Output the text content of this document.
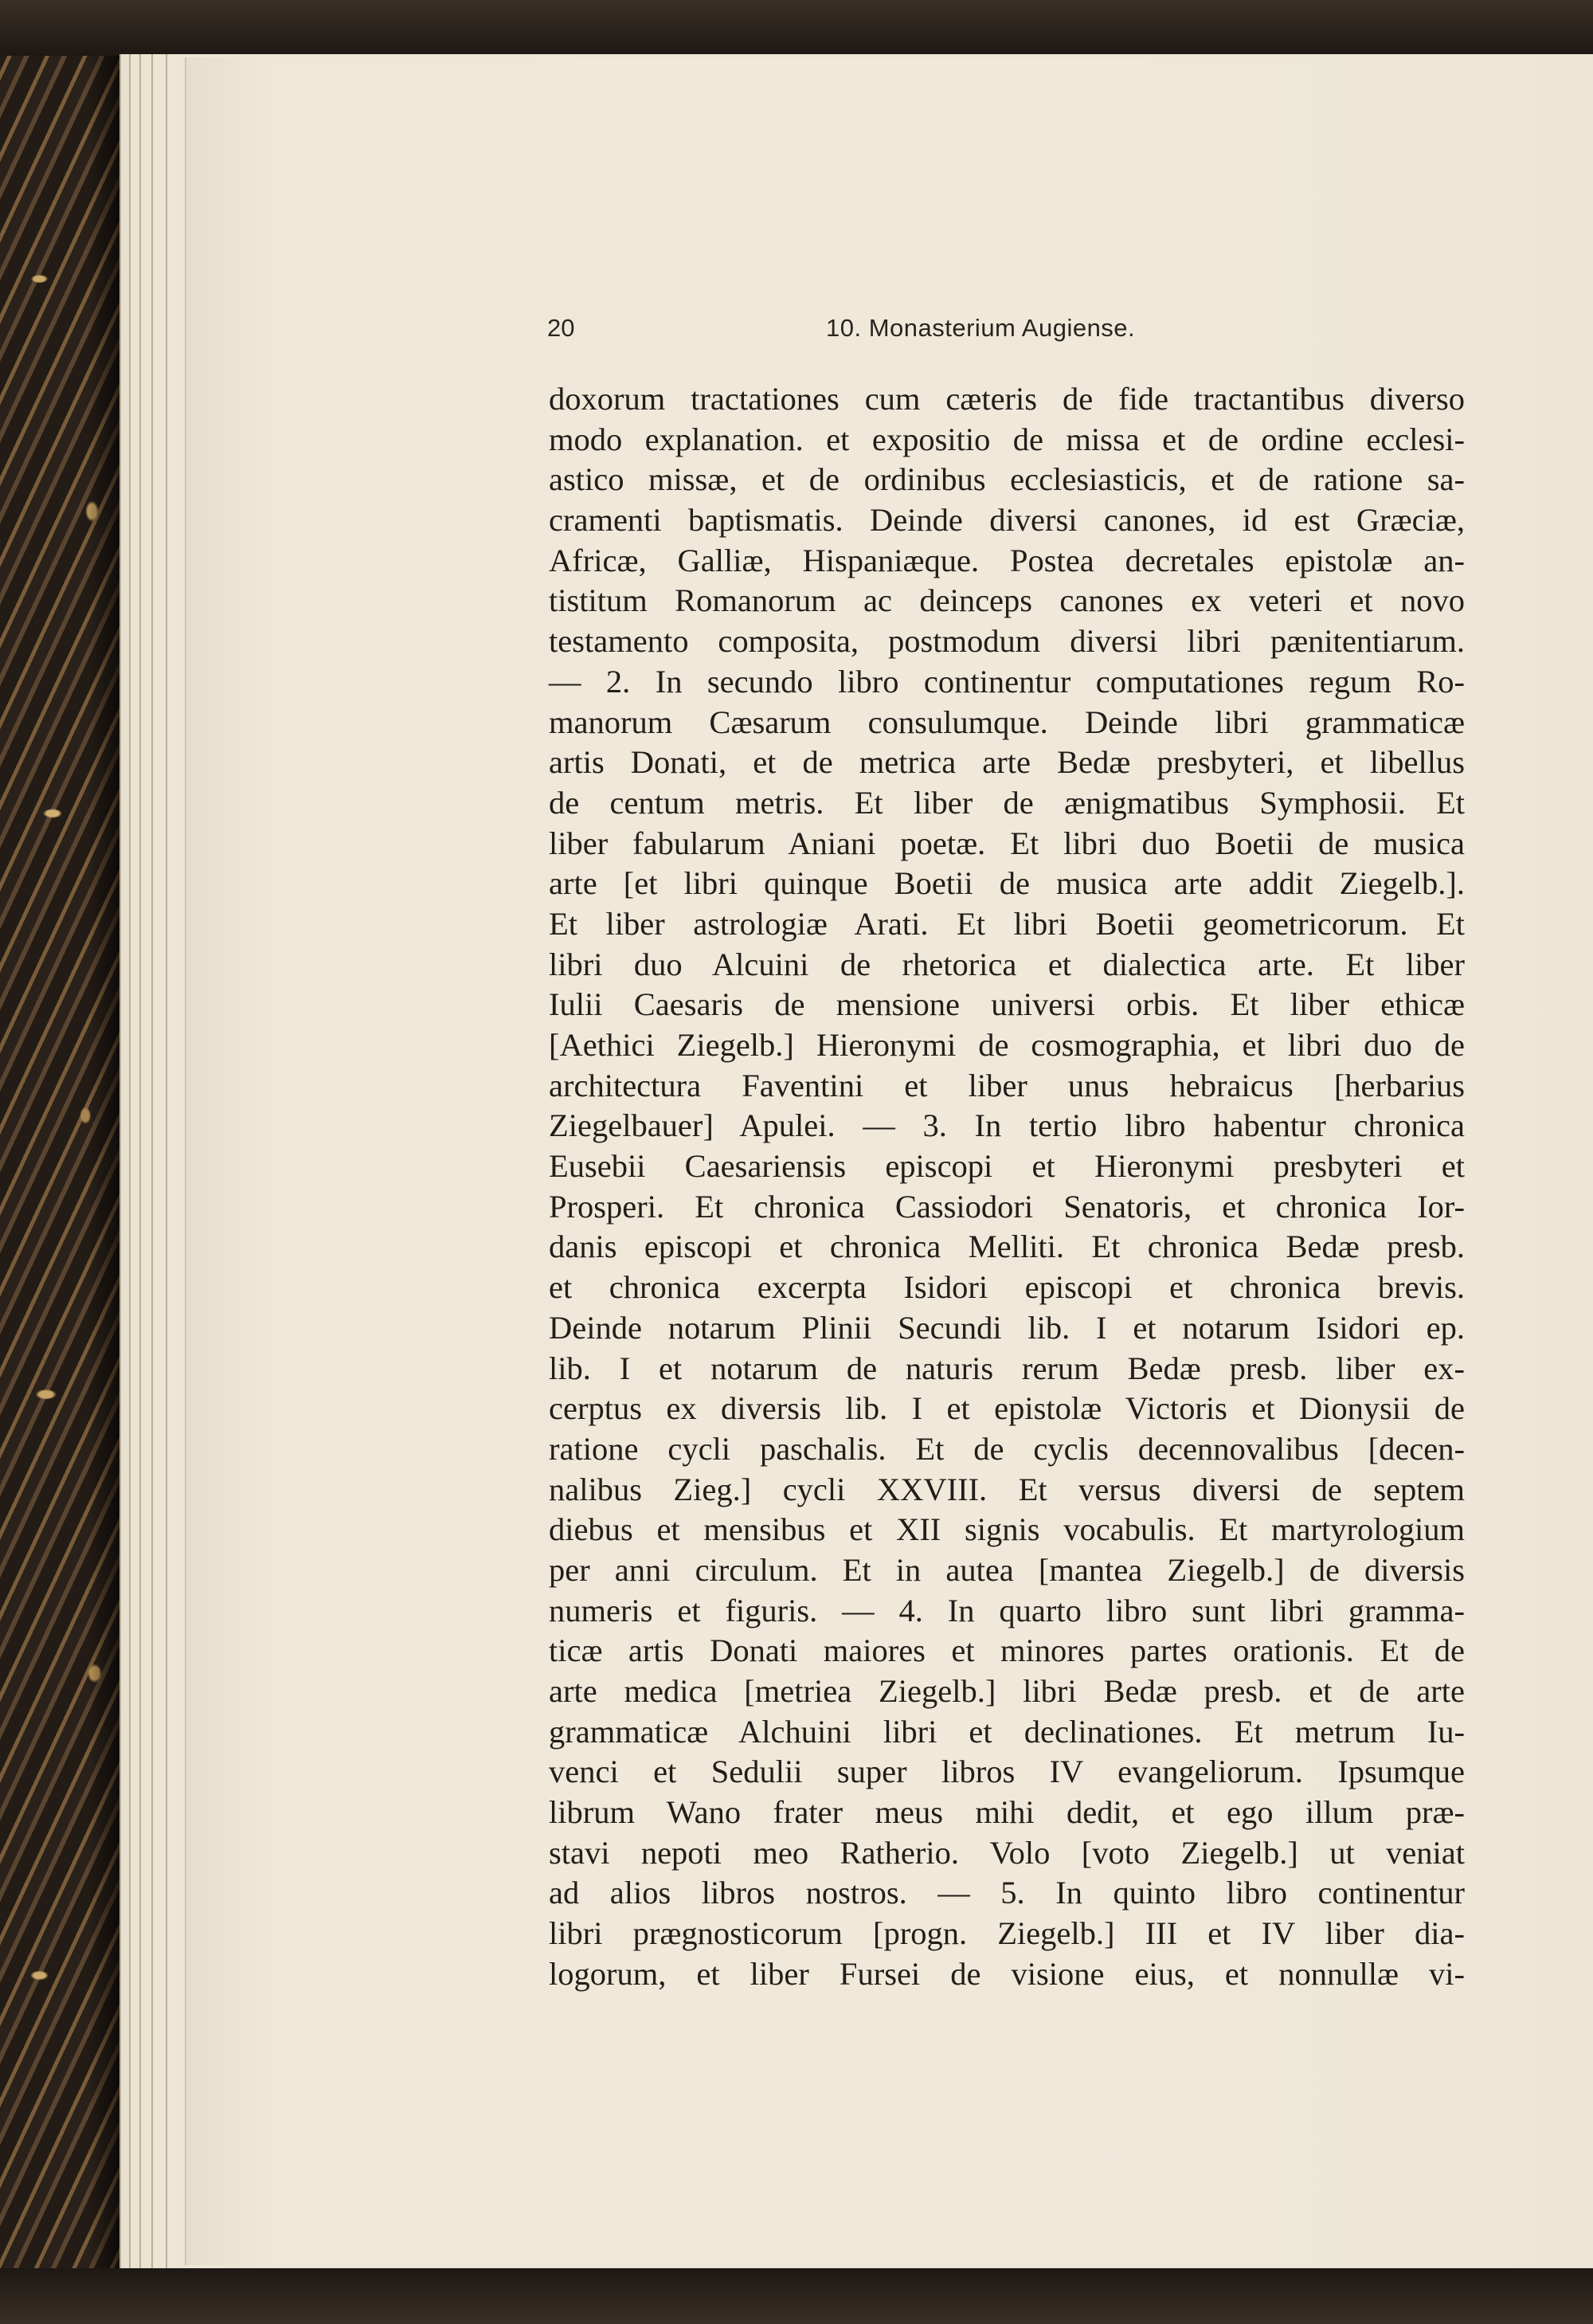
20	10. Monasterium Augiense.
doxorum tractationes cum cæteris de fide tractantibus diverso
modo explanation. et expositio de missa et de ordine ecclesi-
astico missæ, et de ordinibus ecclesiasticis, et de ratione sa-
cramenti baptismatis. Deinde diversi canones, id est Græciæ,
Africæ, Galliæ, Hispaniæque. Postea decretales epistolæ an-
tistitum Romanorum ac deinceps canones ex veteri et novo
testamento composita, postmodum diversi libri pænitentiarum.
— 2. In secundo libro continentur computationes regum Ro-
manorum Cæsarum consulumque. Deinde libri grammaticæ
artis Donati, et de metrica arte Bedæ presbyteri, et libellus
de centum metris. Et liber de ænigmatibus Symphosii. Et
liber fabularum Aniani poetæ. Et libri duo Boetii de musica
arte [et libri quinque Boetii de musica arte addit Ziegelb.].
Et liber astrologiæ Arati. Et libri Boetii geometricorum. Et
libri duo Alcuini de rhetorica et dialectica arte. Et liber
Iulii Caesaris de mensione universi orbis. Et liber ethicæ
[Aethici Ziegelb.] Hieronymi de cosmographia, et libri duo de
architectura Faventini et liber unus hebraicus [herbarius
Ziegelbauer] Apulei. — 3. In tertio libro habentur chronica
Eusebii Caesariensis episcopi et Hieronymi presbyteri et
Prosperi. Et chronica Cassiodori Senatoris, et chronica Ior-
danis episcopi et chronica Melliti. Et chronica Bedæ presb.
et chronica excerpta Isidori episcopi et chronica brevis.
Deinde notarum Plinii Secundi lib. I et notarum Isidori ep.
lib. I et notarum de naturis rerum Bedæ presb. liber ex-
cerptus ex diversis lib. I et epistolæ Victoris et Dionysii de
ratione cycli paschalis. Et de cyclis decennovalibus [decen-
nalibus Zieg.] cycli XXVIII. Et versus diversi de septem
diebus et mensibus et XII signis vocabulis. Et martyrologium
per anni circulum. Et in autea [mantea Ziegelb.] de diversis
numeris et figuris. — 4. In quarto libro sunt libri gramma-
ticæ artis Donati maiores et minores partes orationis. Et de
arte medica [metriea Ziegelb.] libri Bedæ presb. et de arte
grammaticæ Alchuini libri et declinationes. Et metrum Iu-
venci et Sedulii super libros IV evangeliorum. Ipsumque
librum Wano frater meus mihi dedit, et ego illum præ-
stavi nepoti meo Ratherio. Volo [voto Ziegelb.] ut veniat
ad alios libros nostros. — 5. In quinto libro continentur
libri prægnosticorum [progn. Ziegelb.] III et IV liber dia-
logorum, et liber Fursei de visione eius, et nonnullæ vi-
